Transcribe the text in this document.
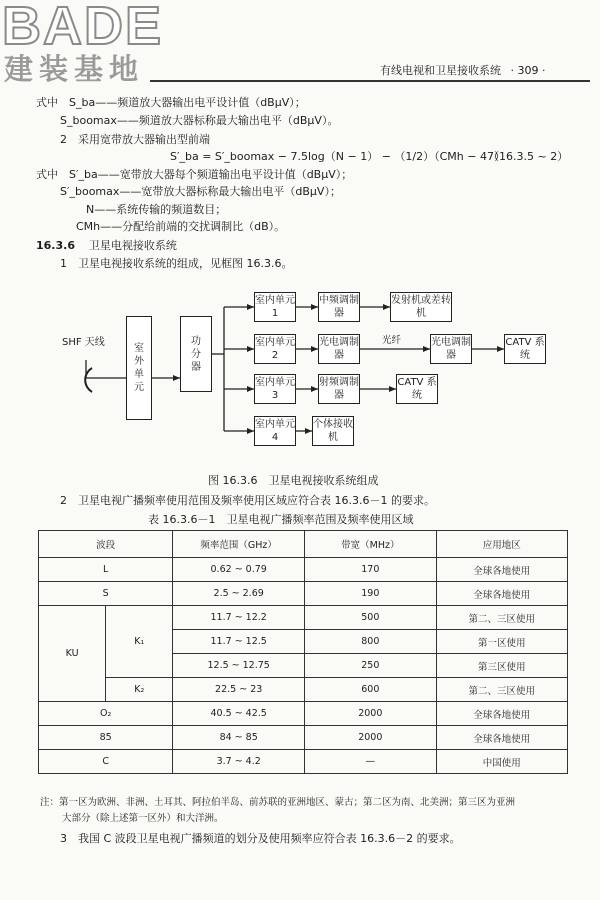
BADE
建装基地	有线电视和卫星接收系统 · 309 ·
式中　S_ba——频道放大器输出电平设计值（dBμV）；
S_boomax——频道放大器标称最大输出电平（dBμV）。
2　采用宽带放大器输出型前端
S′_ba = S′_boomax − 7.5log（N − 1） − （1/2）（CMh − 47）
（16.3.5 ~ 2）
式中　S′_ba——宽带放大器每个频道输出电平设计值（dBμV）；
S′_boomax——宽带放大器标称最大输出电平（dBμV）；
N——系统传输的频道数目；
CMh——分配给前端的交扰调制比（dB）。
16.3.6 卫星电视接收系统
1　卫星电视接收系统的组成，见框图 16.3.6。
SHF 天线
室外单元
功分器
室内单元 1
中频调制器
发射机或差转机
室内单元 2
光电调制器
光纤	光电调制器
CATV 系统
室内单元 3
射频调制器
CATV 系统
室内单元 4
个体接收机
图 16.3.6　卫星电视接收系统组成
2　卫星电视广播频率使用范围及频率使用区域应符合表 16.3.6－1 的要求。
表 16.3.6－1　卫星电视广播频率范围及频率使用区域
波段		频率范围（GHz）	带宽（MHz）	应用地区
L		0.62 ~ 0.79	170	全球各地使用
S		2.5 ~ 2.69	190	全球各地使用
KU	K₁	11.7 ~ 12.2	500	第二、三区使用
		11.7 ~ 12.5	800	第一区使用
		12.5 ~ 12.75	250	第三区使用
	K₂	22.5 ~ 23	600	第二、三区使用
O₂		40.5 ~ 42.5	2000	全球各地使用
85		84 ~ 85	2000	全球各地使用
C		3.7 ~ 4.2	—	中国使用
注：第一区为欧洲、非洲、土耳其、阿拉伯半岛、前苏联的亚洲地区、蒙古；第二区为南、北美洲；第三区为亚洲
大部分（除上述第一区外）和大洋洲。
3　我国 C 波段卫星电视广播频道的划分及使用频率应符合表 16.3.6－2 的要求。
